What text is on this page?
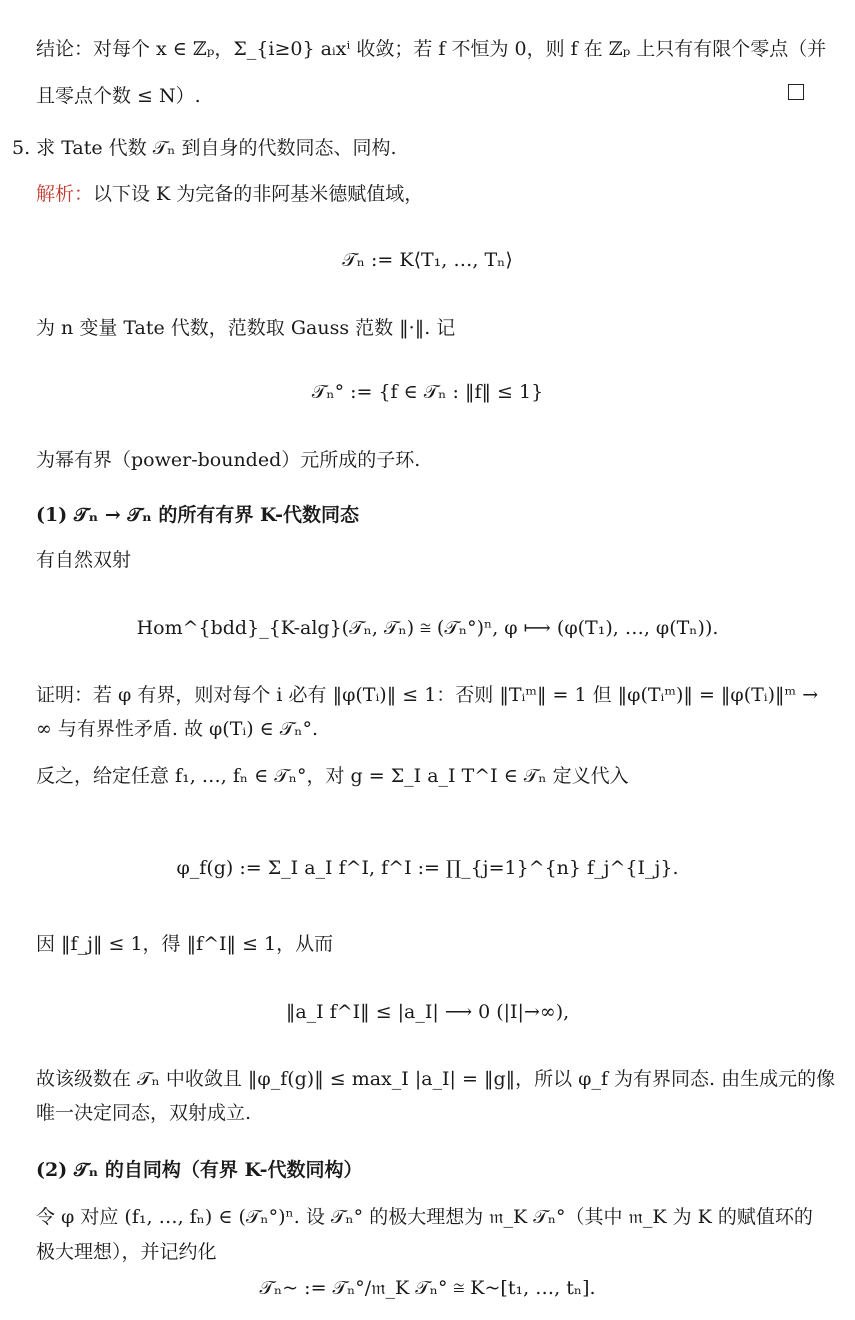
结论：对每个 x ∈ ℤₚ，Σ_{i≥0} aᵢxⁱ 收敛；若 f 不恒为 0，则 f 在 ℤₚ 上只有有限个零点（并
且零点个数 ≤ N）.
5. 求 Tate 代数 𝒯ₙ 到自身的代数同态、同构.
解析：以下设 K 为完备的非阿基米德赋值域，
𝒯ₙ := K⟨T₁, …, Tₙ⟩
为 n 变量 Tate 代数，范数取 Gauss 范数 ‖·‖. 记
𝒯ₙ° := {f ∈ 𝒯ₙ : ‖f‖ ≤ 1}
为幂有界（power-bounded）元所成的子环.
(1) 𝒯ₙ → 𝒯ₙ 的所有有界 K-代数同态
有自然双射
Hom^{bdd}_{K-alg}(𝒯ₙ, 𝒯ₙ) ≅ (𝒯ₙ°)ⁿ, φ ⟼ (φ(T₁), …, φ(Tₙ)).
证明：若 φ 有界，则对每个 i 必有 ‖φ(Tᵢ)‖ ≤ 1：否则 ‖Tᵢᵐ‖ = 1 但 ‖φ(Tᵢᵐ)‖ = ‖φ(Tᵢ)‖ᵐ →
∞ 与有界性矛盾. 故 φ(Tᵢ) ∈ 𝒯ₙ°.
反之，给定任意 f₁, …, fₙ ∈ 𝒯ₙ°，对 g = Σ_I a_I T^I ∈ 𝒯ₙ 定义代入
φ_f(g) := Σ_I a_I f^I, f^I := ∏_{j=1}^{n} f_j^{I_j}.
因 ‖f_j‖ ≤ 1，得 ‖f^I‖ ≤ 1，从而
‖a_I f^I‖ ≤ |a_I| ⟶ 0 (|I|→∞),
故该级数在 𝒯ₙ 中收敛且 ‖φ_f(g)‖ ≤ max_I |a_I| = ‖g‖，所以 φ_f 为有界同态. 由生成元的像
唯一决定同态，双射成立.
(2) 𝒯ₙ 的自同构（有界 K-代数同构）
令 φ 对应 (f₁, …, fₙ) ∈ (𝒯ₙ°)ⁿ. 设 𝒯ₙ° 的极大理想为 𝔪_K 𝒯ₙ°（其中 𝔪_K 为 K 的赋值环的
极大理想），并记约化
𝒯ₙ~ := 𝒯ₙ°/𝔪_K 𝒯ₙ° ≅ K~[t₁, …, tₙ].
